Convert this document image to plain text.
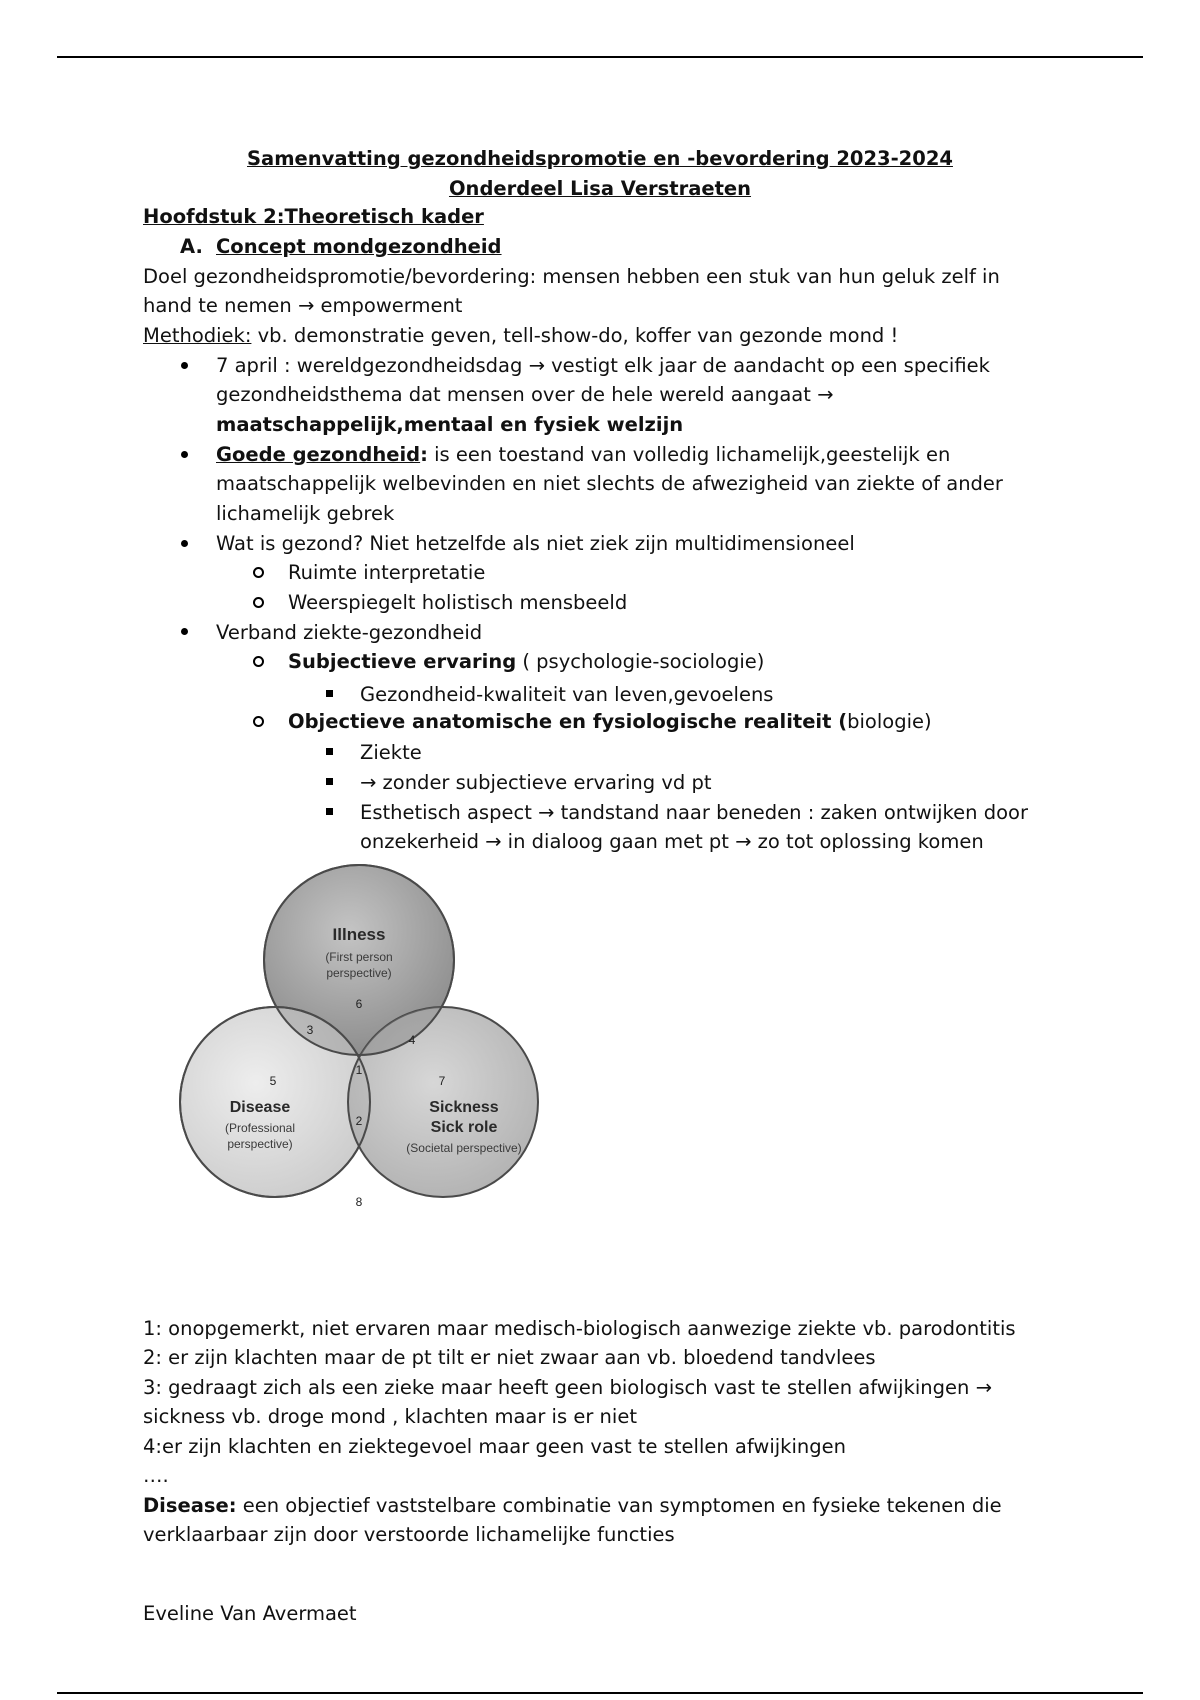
Samenvatting gezondheidspromotie en -bevordering 2023-2024
Onderdeel Lisa Verstraeten
Hoofdstuk 2:Theoretisch kader
A. Concept mondgezondheid
Doel gezondheidspromotie/bevordering: mensen hebben een stuk van hun geluk zelf in
hand te nemen → empowerment
Methodiek: vb. demonstratie geven, tell-show-do, koffer van gezonde mond !
7 april : wereldgezondheidsdag → vestigt elk jaar de aandacht op een specifiek
gezondheidsthema dat mensen over de hele wereld aangaat →
maatschappelijk,mentaal en fysiek welzijn
Goede gezondheid: is een toestand van volledig lichamelijk,geestelijk en
maatschappelijk welbevinden en niet slechts de afwezigheid van ziekte of ander
lichamelijk gebrek
Wat is gezond? Niet hetzelfde als niet ziek zijn multidimensioneel
Ruimte interpretatie
Weerspiegelt holistisch mensbeeld
Verband ziekte-gezondheid
Subjectieve ervaring ( psychologie-sociologie)
Gezondheid-kwaliteit van leven,gevoelens
Objectieve anatomische en fysiologische realiteit (biologie)
Ziekte
→ zonder subjectieve ervaring vd pt
Esthetisch aspect → tandstand naar beneden : zaken ontwijken door
onzekerheid → in dialoog gaan met pt → zo tot oplossing komen
Illness
(First person
perspective)
Disease
(Professional
perspective)
Sickness
Sick role
(Societal perspective)
1
2
3
4
5
6
7
8
1: onopgemerkt, niet ervaren maar medisch-biologisch aanwezige ziekte vb. parodontitis
2: er zijn klachten maar de pt tilt er niet zwaar aan vb. bloedend tandvlees
3: gedraagt zich als een zieke maar heeft geen biologisch vast te stellen afwijkingen →
sickness vb. droge mond , klachten maar is er niet
4:er zijn klachten en ziektegevoel maar geen vast te stellen afwijkingen
….
Disease: een objectief vaststelbare combinatie van symptomen en fysieke tekenen die
verklaarbaar zijn door verstoorde lichamelijke functies
Eveline Van Avermaet
